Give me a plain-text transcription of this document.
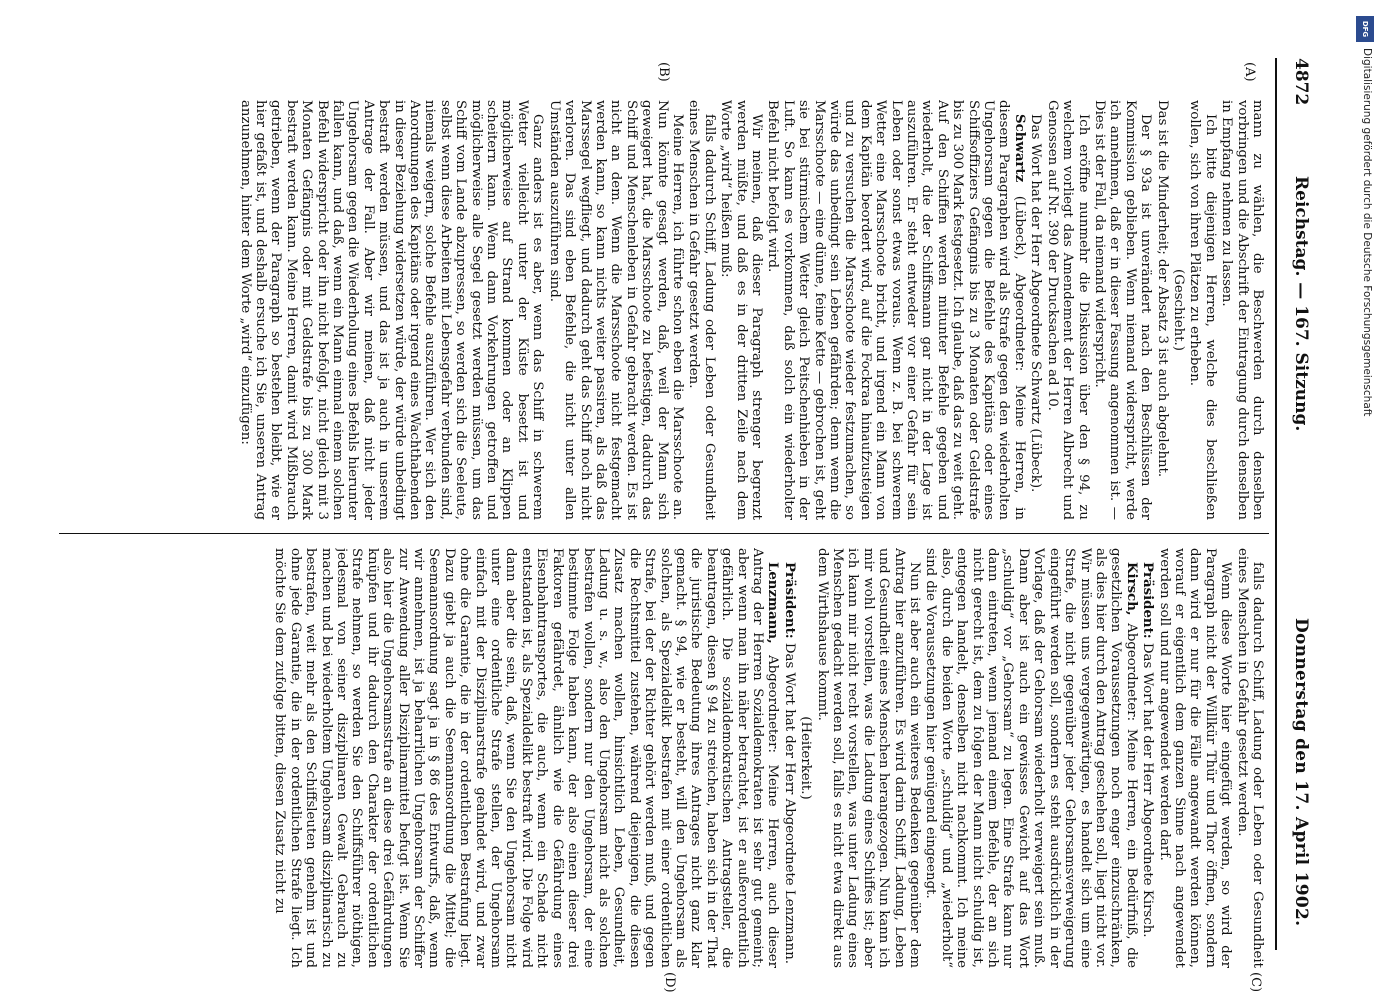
4872
Reichstag. — 167. Sitzung.
Donnerstag den 17. April 1902.
(A)
(B)
(C)
(D)

mann zu wählen, die Beschwerden durch denselben vorbringen und die Abschrift der Eintragung durch denselben in Empfang nehmen zu lassen.

Ich bitte diejenigen Herren, welche dies beschließen wollen, sich von ihren Plätzen zu erheben.

(Geschieht.)

Das ist die Minderheit; der Absatz 3 ist auch abgelehnt.

Der § 93a ist unverändert nach den Beschlüssen der Kommission geblieben. Wenn niemand widerspricht, werde ich annehmen, daß er in dieser Fassung angenommen ist. — Dies ist der Fall, da niemand widerspricht.

Ich eröffne nunmehr die Diskussion über den § 94, zu welchem vorliegt das Amendement der Herren Albrecht und Genossen auf Nr. 390 der Drucksachen ad 10.

Das Wort hat der Herr Abgeordnete Schwartz (Lübeck).

Schwartz (Lübeck), Abgeordneter: Meine Herren, in diesem Paragraphen wird als Strafe gegen den wiederholten Ungehorsam gegen die Befehle des Kapitäns oder eines Schiffsoffiziers Gefängnis bis zu 3 Monaten oder Geldstrafe bis zu 300 Mark festgesetzt. Ich glaube, daß das zu weit geht. Auf den Schiffen werden mitunter Befehle gegeben und wiederholt, die der Schiffsmann gar nicht in der Lage ist auszuführen. Er steht entweder vor einer Gefahr für sein Leben oder sonst etwas voraus. Wenn z. B. bei schwerem Wetter eine Marsschoote bricht, und irgend ein Mann von dem Kapitän beordert wird, auf die Fockraa hinaufzusteigen und zu versuchen die Marsschoote wieder festzumachen, so würde das unbedingt sein Leben gefährden; denn wenn die Marsschoote — eine dünne, feine Kette — gebrochen ist, geht sie bei stürmischem Wetter gleich Peitschenhieben in der Luft. So kann es vorkommen, daß solch ein wiederholter Befehl nicht befolgt wird.

Wir meinen, daß dieser Paragraph strenger begrenzt werden müßte, und daß es in der dritten Zeile nach dem Worte „wird“ heißen muß:

falls dadurch Schiff, Ladung oder Leben oder Gesundheit eines Menschen in Gefahr gesetzt werden.

Meine Herren, ich führte schon eben die Marsschoote an. Nun könnte gesagt werden, daß, weil der Mann sich geweigert hat, die Marsschoote zu befestigen, dadurch das Schiff und Menschenleben in Gefahr gebracht werden. Es ist nicht an dem. Wenn die Marsschoote nicht festgemacht werden kann, so kann nichts weiter passiren, als daß das Marssegel wegfliegt, und dadurch geht das Schiff noch nicht verloren. Das sind eben Befehle, die nicht unter allen Umständen auszuführen sind.

Ganz anders ist es aber, wenn das Schiff in schwerem Wetter vielleicht unter der Küste besetzt ist und möglicherweise auf Strand kommen oder an Klippen scheitern kann. Wenn dann Vorkehrungen getroffen und möglicherweise alle Segel gesetzt werden müssen, um das Schiff vom Lande abzupressen, so werden sich die Seeleute, selbst wenn diese Arbeiten mit Lebensgefahr verbunden sind, niemals weigern, solche Befehle auszuführen. Wer sich den Anordnungen des Kapitäns oder irgend eines Wachthabenden in dieser Beziehung widersetzen würde, der würde unbedingt bestraft werden müssen, und das ist ja auch in unserem Antrage der Fall. Aber wir meinen, daß nicht jeder Ungehorsam gegen die Wiederholung eines Befehls hierunter fallen kann, und daß, wenn ein Mann einmal einem solchen Befehl widerspricht oder ihn nicht befolgt, nicht gleich mit 3 Monaten Gefängnis oder mit Geldstrafe bis zu 300 Mark bestraft werden kann. Meine Herren, damit wird Mißbrauch getrieben, wenn der Paragraph so bestehen bleibt, wie er hier gefaßt ist, und deshalb ersuche ich Sie, unseren Antrag anzunehmen, hinter dem Worte „wird“ einzufügen:

falls dadurch Schiff, Ladung oder Leben oder Gesundheit eines Menschen in Gefahr gesetzt werden.

Wenn diese Worte hier eingefügt werden, so wird der Paragraph nicht der Willkür Thür und Thor öffnen, sondern dann wird er nur für die Fälle angewandt werden können, worauf er eigentlich dem ganzen Sinne nach angewendet werden soll und nur angewendet werden darf.

Präsident: Das Wort hat der Herr Abgeordnete Kirsch.

Kirsch, Abgeordneter: Meine Herren, ein Bedürfniß, die gesetzlichen Voraussetzungen noch enger einzuschränken, als dies hier durch den Antrag geschehen soll, liegt nicht vor. Wir müssen uns vergegenwärtigen, es handelt sich um eine Strafe, die nicht gegenüber jeder Gehorsamsverweigerung eingeführt werden soll, sondern es steht ausdrücklich in der Vorlage, daß der Gehorsam wiederholt verweigert sein muß. Dann aber ist auch ein gewisses Gewicht auf das Wort „schuldig“ vor „Gehorsam“ zu legen. Eine Strafe kann nur dann eintreten, wenn jemand einem Befehle, der an sich nicht gerecht ist, dem zu folgen der Mann nicht schuldig ist, entgegen handelt, denselben nicht nachkommt. Ich meine also, durch die beiden Worte „schuldig“ und „wiederholt“ sind die Voraussetzungen hier genügend eingeengt.

Nun ist aber auch ein weiteres Bedenken gegenüber dem Antrag hier anzuführen. Es wird darin Schiff, Ladung, Leben und Gesundheit eines Menschen herangezogen. Nun kann ich mir wohl vorstellen, was die Ladung eines Schiffes ist; aber ich kann mir nicht recht vorstellen, was unter Ladung eines Menschen gedacht werden soll, falls es nicht etwa direkt aus dem Wirthshause kommt.

(Heiterkeit.)

Präsident: Das Wort hat der Herr Abgeordnete Lenzmann.

Lenzmann, Abgeordneter: Meine Herren, auch dieser Antrag der Herren Sozialdemokraten ist sehr gut gemeint; aber wenn man ihn näher betrachtet, ist er außerordentlich gefährlich. Die sozialdemokratischen Antragsteller, die beantragen, diesen § 94 zu streichen, haben sich in der That die juristische Bedeutung ihres Antrages nicht ganz klar gemacht. § 94, wie er besteht, will den Ungehorsam als solchen, als Spezialdelikt bestrafen mit einer ordentlichen Strafe, bei der der Richter gehört werden muß, und gegen die Rechtsmittel zustehen, während diejenigen, die diesen Zusatz machen wollen, hinsichtlich Leben, Gesundheit, Ladung u. s. w., also den Ungehorsam nicht als solchen bestrafen wollen, sondern nur den Ungehorsam, der eine bestimmte Folge haben kann, der also einen dieser drei Faktoren gefährdet, ähnlich wie die Gefährdung eines Eisenbahntransportes, die auch, wenn ein Schade nicht entstanden ist, als Spezialdelikt bestraft wird. Die Folge wird dann aber die sein, daß, wenn Sie den Ungehorsam nicht unter eine ordentliche Strafe stellen, der Ungehorsam einfach mit der Disziplinarstrafe geahndet wird, und zwar ohne die Garantie, die in der ordentlichen Bestrafung liegt. Dazu giebt ja auch die Seemannsordnung die Mittel; die Seemannsordnung sagt ja in § 86 des Entwurfs, daß, wenn wir annehmen, ist ja beharrlichen Ungehorsam der Schiffer zur Anwendung aller Disziplinarmittel befugt ist. Wenn Sie also hier die Ungehorsamsstrafe an diese drei Gefährdungen knüpfen und ihr dadurch den Charakter der ordentlichen Strafe nehmen, so werden Sie den Schiffsführer nöthigen, jedesmal von seiner disziplinaren Gewalt Gebrauch zu machen und bei wiederholtem Ungehorsam disziplinarisch zu bestrafen, weit mehr als den Schiffsleuten genehm ist und ohne jede Garantie, die in der ordentlichen Strafe liegt. Ich möchte Sie dem zufolge bitten, diesen Zusatz nicht zu

DFG
Digitalisierung gefördert durch die Deutsche Forschungsgemeinschaft
